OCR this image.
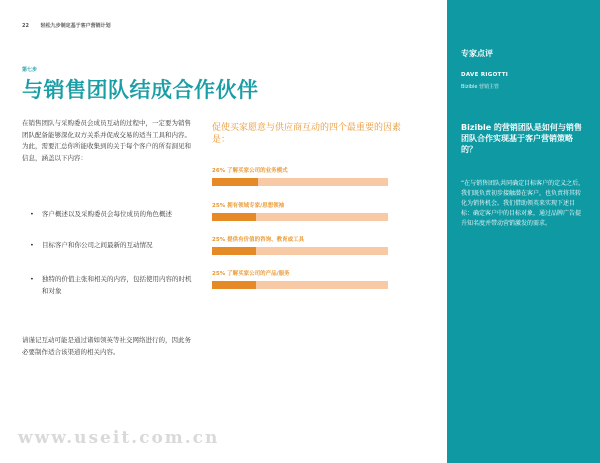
22 轻松九步制定基于客户营销计划
第七步
与销售团队结成合作伙伴
在销售团队与采购委员会成员互动的过程中，一定要为销售团队配备能够深化双方关系并促成交易的适当工具和内容。为此，需要汇总你所能收集到的关于每个客户的所有洞见和信息，涵盖以下内容：
• 客户概述以及采购委员会每位成员的角色概述
• 目标客户和你公司之间最新的互动情况
• 独特的价值主张和相关的内容，包括使用内容的时机和对象
请谨记互动可能是通过诸如领英等社交网络进行的，因此务必要制作适合该渠道的相关内容。
促使买家愿意与供应商互动的四个最重要的因素是：
26% 了解买家公司的业务模式
25% 拥有领域专家/思想领袖
25% 提供有价值的咨询、教育或工具
25% 了解买家公司的产品/服务
专家点评
DAVE RIGOTTI
Bizible 营销主管
Bizible 的营销团队是如何与销售团队合作实现基于客户营销策略的？
“在与销售团队共同确定目标客户的定义之后，我们既负责初步接触潜在客户，也负责将其转化为销售机会。我们借助领英来实现下述目标：确定客户中的目标对象，通过品牌广告提升知名度并带动营销激发的需求。
www.useit.com.cn
